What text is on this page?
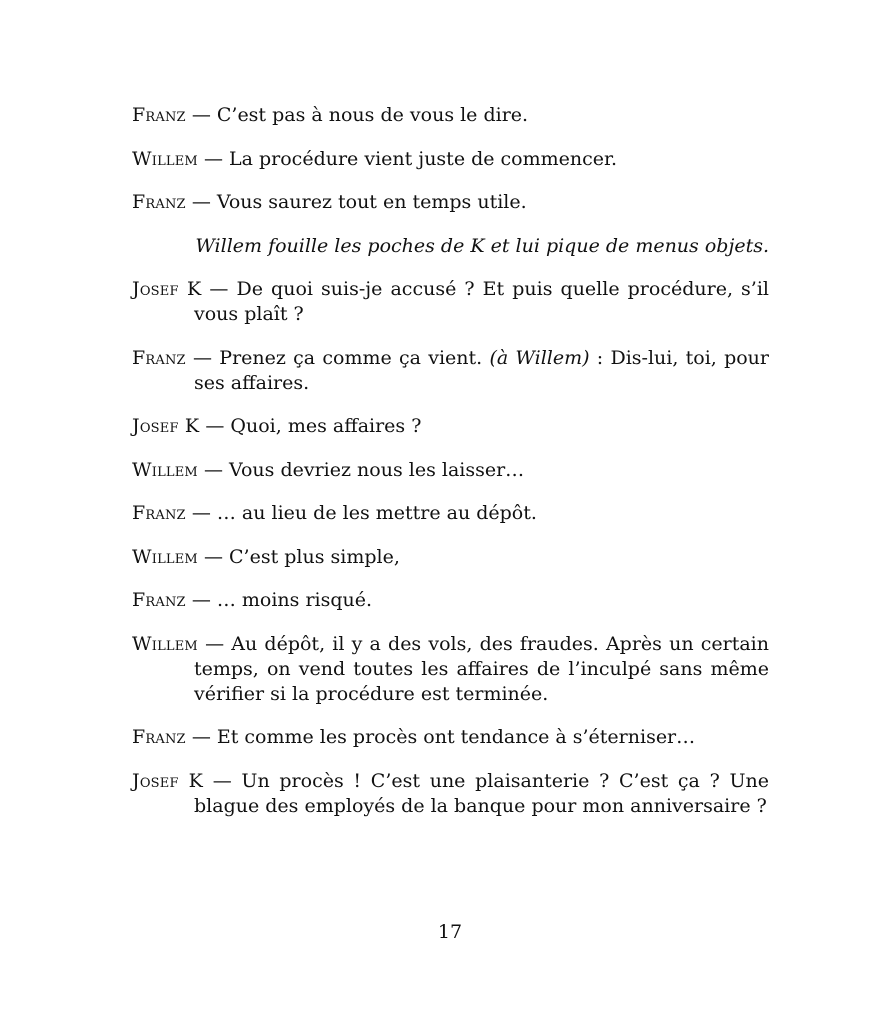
Franz — C’est pas à nous de vous le dire.

Willem — La procédure vient juste de commencer.

Franz — Vous saurez tout en temps utile.

Willem fouille les poches de K et lui pique de menus objets.

Josef K — De quoi suis-je accusé ? Et puis quelle procédure, s’il vous plaît ?

Franz — Prenez ça comme ça vient. (à Willem) : Dis-lui, toi, pour ses affaires.

Josef K — Quoi, mes affaires ?

Willem — Vous devriez nous les laisser…

Franz — … au lieu de les mettre au dépôt.

Willem — C’est plus simple,

Franz — … moins risqué.

Willem — Au dépôt, il y a des vols, des fraudes. Après un certain temps, on vend toutes les affaires de l’inculpé sans même vérifier si la procédure est terminée.

Franz — Et comme les procès ont tendance à s’éterniser…

Josef K — Un procès ! C’est une plaisanterie ? C’est ça ? Une blague des employés de la banque pour mon anniversaire ?

17
